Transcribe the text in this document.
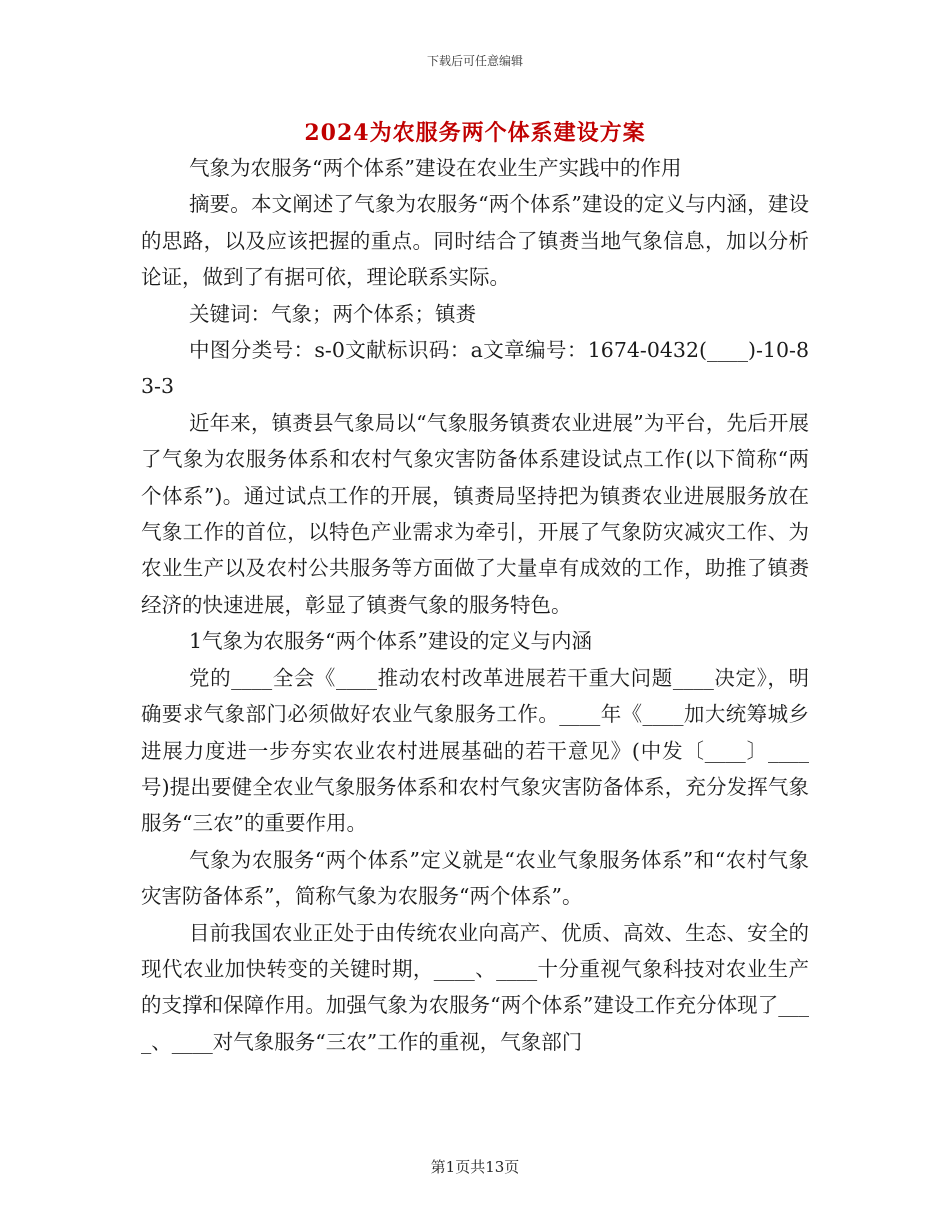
下载后可任意编辑
2024为农服务两个体系建设方案

气象为农服务“两个体系”建设在农业生产实践中的作用

摘要。本文阐述了气象为农服务“两个体系”建设的定义与内涵，建设的思路，以及应该把握的重点。同时结合了镇赉当地气象信息，加以分析论证，做到了有据可依，理论联系实际。

关键词：气象；两个体系；镇赉

中图分类号：s-0文献标识码：a文章编号：1674-0432(____)-10-83-3

近年来，镇赉县气象局以“气象服务镇赉农业进展”为平台，先后开展了气象为农服务体系和农村气象灾害防备体系建设试点工作(以下简称“两个体系”)。通过试点工作的开展，镇赉局坚持把为镇赉农业进展服务放在气象工作的首位，以特色产业需求为牵引，开展了气象防灾减灾工作、为农业生产以及农村公共服务等方面做了大量卓有成效的工作，助推了镇赉经济的快速进展，彰显了镇赉气象的服务特色。

1气象为农服务“两个体系”建设的定义与内涵

党的____全会《____推动农村改革进展若干重大问题____决定》，明确要求气象部门必须做好农业气象服务工作。____年《____加大统筹城乡进展力度进一步夯实农业农村进展基础的若干意见》(中发〔____〕____号)提出要健全农业气象服务体系和农村气象灾害防备体系，充分发挥气象服务“三农”的重要作用。

气象为农服务“两个体系”定义就是“农业气象服务体系”和“农村气象灾害防备体系”，简称气象为农服务“两个体系”。

目前我国农业正处于由传统农业向高产、优质、高效、生态、安全的现代农业加快转变的关键时期，____、____十分重视气象科技对农业生产的支撑和保障作用。加强气象为农服务“两个体系”建设工作充分体现了____、____对气象服务“三农”工作的重视，气象部门

第1页共13页
